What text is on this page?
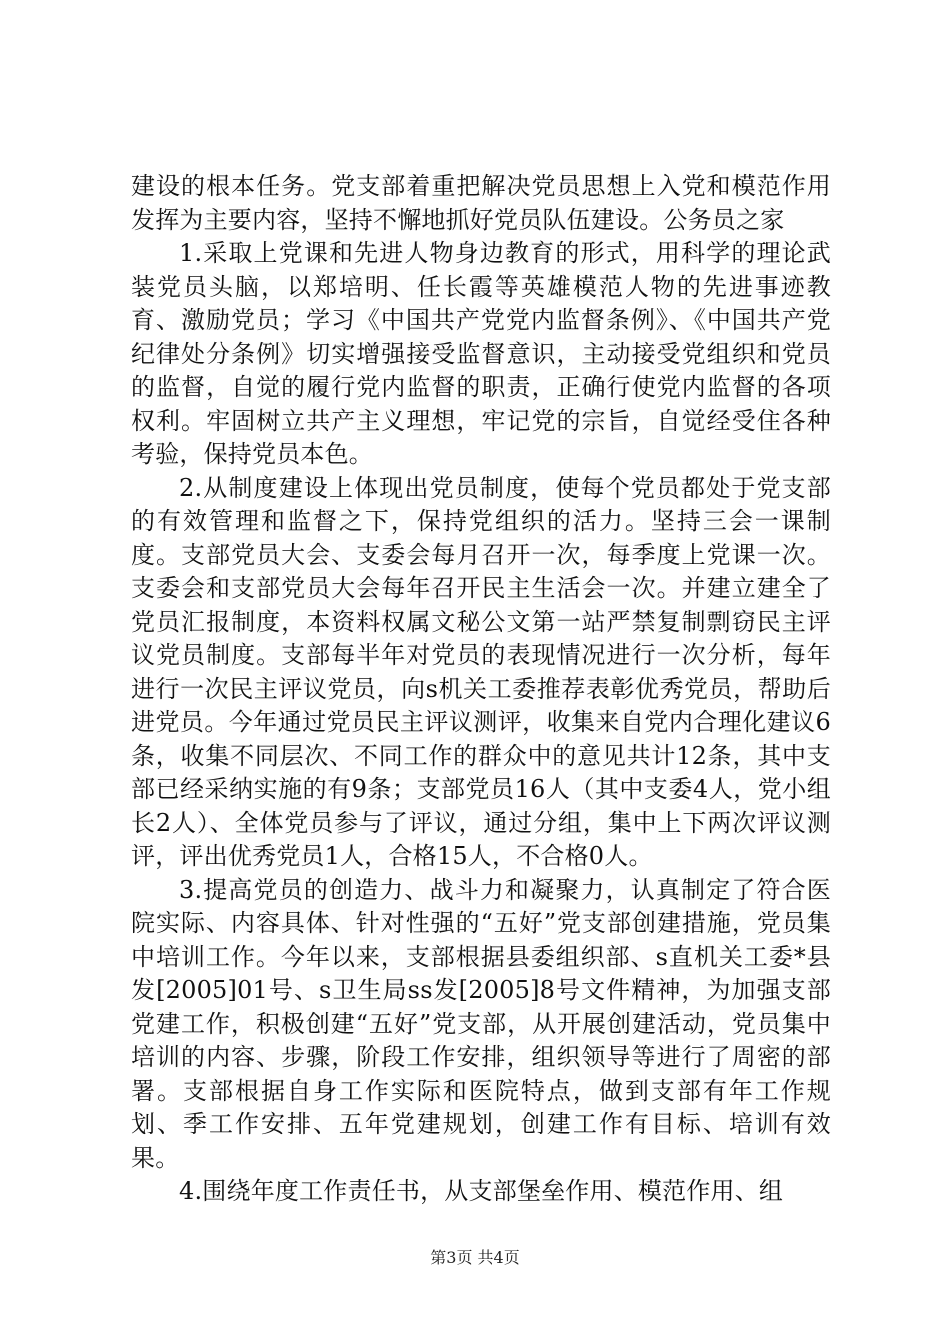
建设的根本任务。党支部着重把解决党员思想上入党和模范作用发挥为主要内容，坚持不懈地抓好党员队伍建设。公务员之家

1.采取上党课和先进人物身边教育的形式，用科学的理论武装党员头脑，以郑培明、任长霞等英雄模范人物的先进事迹教育、激励党员；学习《中国共产党党内监督条例》、《中国共产党纪律处分条例》切实增强接受监督意识，主动接受党组织和党员的监督，自觉的履行党内监督的职责，正确行使党内监督的各项权利。牢固树立共产主义理想，牢记党的宗旨，自觉经受住各种考验，保持党员本色。

2.从制度建设上体现出党员制度，使每个党员都处于党支部的有效管理和监督之下，保持党组织的活力。坚持三会一课制度。支部党员大会、支委会每月召开一次，每季度上党课一次。支委会和支部党员大会每年召开民主生活会一次。并建立建全了党员汇报制度，本资料权属文秘公文第一站严禁复制剽窃民主评议党员制度。支部每半年对党员的表现情况进行一次分析，每年进行一次民主评议党员，向s机关工委推荐表彰优秀党员，帮助后进党员。今年通过党员民主评议测评，收集来自党内合理化建议6条，收集不同层次、不同工作的群众中的意见共计12条，其中支部已经采纳实施的有9条；支部党员16人（其中支委4人，党小组长2人）、全体党员参与了评议，通过分组，集中上下两次评议测评，评出优秀党员1人，合格15人，不合格0人。

3.提高党员的创造力、战斗力和凝聚力，认真制定了符合医院实际、内容具体、针对性强的“五好”党支部创建措施，党员集中培训工作。今年以来，支部根据县委组织部、s直机关工委*县发[2005]01号、s卫生局ss发[2005]8号文件精神，为加强支部党建工作，积极创建“五好”党支部，从开展创建活动，党员集中培训的内容、步骤，阶段工作安排，组织领导等进行了周密的部署。支部根据自身工作实际和医院特点，做到支部有年工作规划、季工作安排、五年党建规划，创建工作有目标、培训有效果。

4.围绕年度工作责任书，从支部堡垒作用、模范作用、组

第3页 共4页
